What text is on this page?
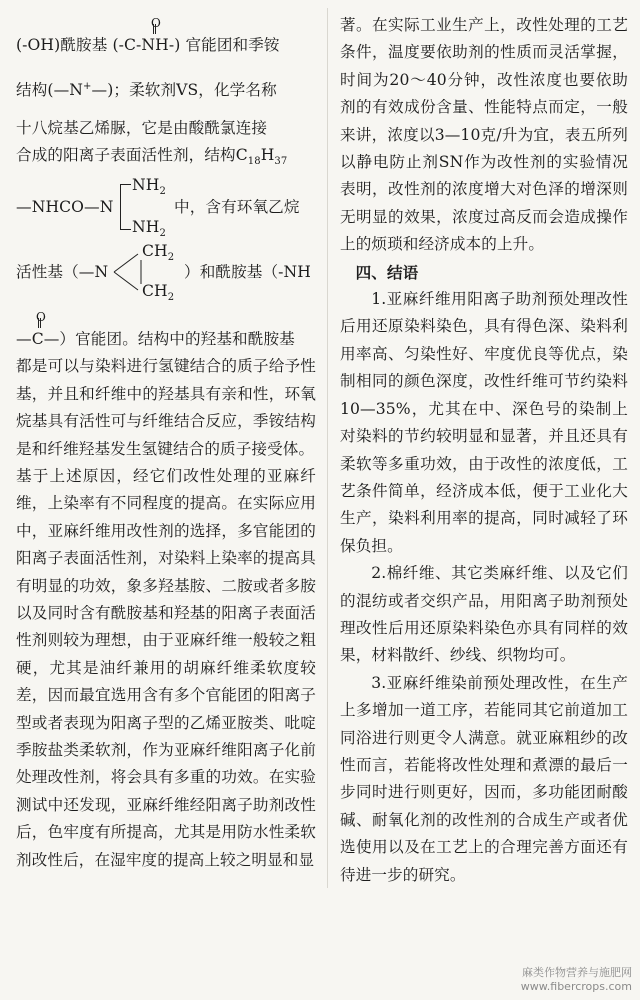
O
(-OH)酰胺基 (-C-NH-) 官能团和季铵
结构(—N+—)；柔软剂VS，化学名称

十八烷基乙烯脲，它是由酸酰氯连接

合成的阳离子表面活性剂，结构$C_{18}H_{37}$

—NHCO—N
$NH_2$
$NH_2$
中，含有环氧乙烷
活性基（—N
$CH_2$
$CH_2$
）和酰胺基（-NH
O
—C—）官能团。结构中的羟基和酰胺基

都是可以与染料进行氢键结合的质子给予性基，并且和纤维中的羟基具有亲和性，环氧烷基具有活性可与纤维结合反应，季铵结构是和纤维羟基发生氢键结合的质子接受体。

基于上述原因，经它们改性处理的亚麻纤维，上染率有不同程度的提高。在实际应用中，亚麻纤维用改性剂的选择，多官能团的阳离子表面活性剂，对染料上染率的提高具有明显的功效，象多羟基胺、二胺或者多胺以及同时含有酰胺基和羟基的阳离子表面活性剂则较为理想，由于亚麻纤维一般较之粗硬，尤其是油纤兼用的胡麻纤维柔软度较差，因而最宜选用含有多个官能团的阳离子型或者表现为阳离子型的乙烯亚胺类、吡啶季胺盐类柔软剂，作为亚麻纤维阳离子化前处理改性剂，将会具有多重的功效。在实验测试中还发现，亚麻纤维经阳离子助剂改性后，色牢度有所提高，尤其是用防水性柔软剂改性后，在湿牢度的提高上较之明显和显

著。在实际工业生产上，改性处理的工艺条件，温度要依助剂的性质而灵活掌握，时间为20～40分钟，改性浓度也要依助剂的有效成份含量、性能特点而定，一般来讲，浓度以3—10克/升为宜，表五所列以静电防止剂SN作为改性剂的实验情况表明，改性剂的浓度增大对色泽的增深则无明显的效果，浓度过高反而会造成操作上的烦琐和经济成本的上升。

四、结语

1.亚麻纤维用阳离子助剂预处理改性后用还原染料染色，具有得色深、染料利用率高、匀染性好、牢度优良等优点，染制相同的颜色深度，改性纤维可节约染料10—35%，尤其在中、深色号的染制上对染料的节约较明显和显著，并且还具有柔软等多重功效，由于改性的浓度低，工艺条件简单，经济成本低，便于工业化大生产，染料利用率的提高，同时减轻了环保负担。

2.棉纤维、其它类麻纤维、以及它们的混纺或者交织产品，用阳离子助剂预处理改性后用还原染料染色亦具有同样的效果，材料散纤、纱线、织物均可。

3.亚麻纤维染前预处理改性，在生产上多增加一道工序，若能同其它前道加工同浴进行则更令人满意。就亚麻粗纱的改性而言，若能将改性处理和煮漂的最后一步同时进行则更好，因而，多功能团耐酸碱、耐氧化剂的改性剂的合成生产或者优选使用以及在工艺上的合理完善方面还有待进一步的研究。

麻类作物营养与施肥网
www.fibercrops.com
